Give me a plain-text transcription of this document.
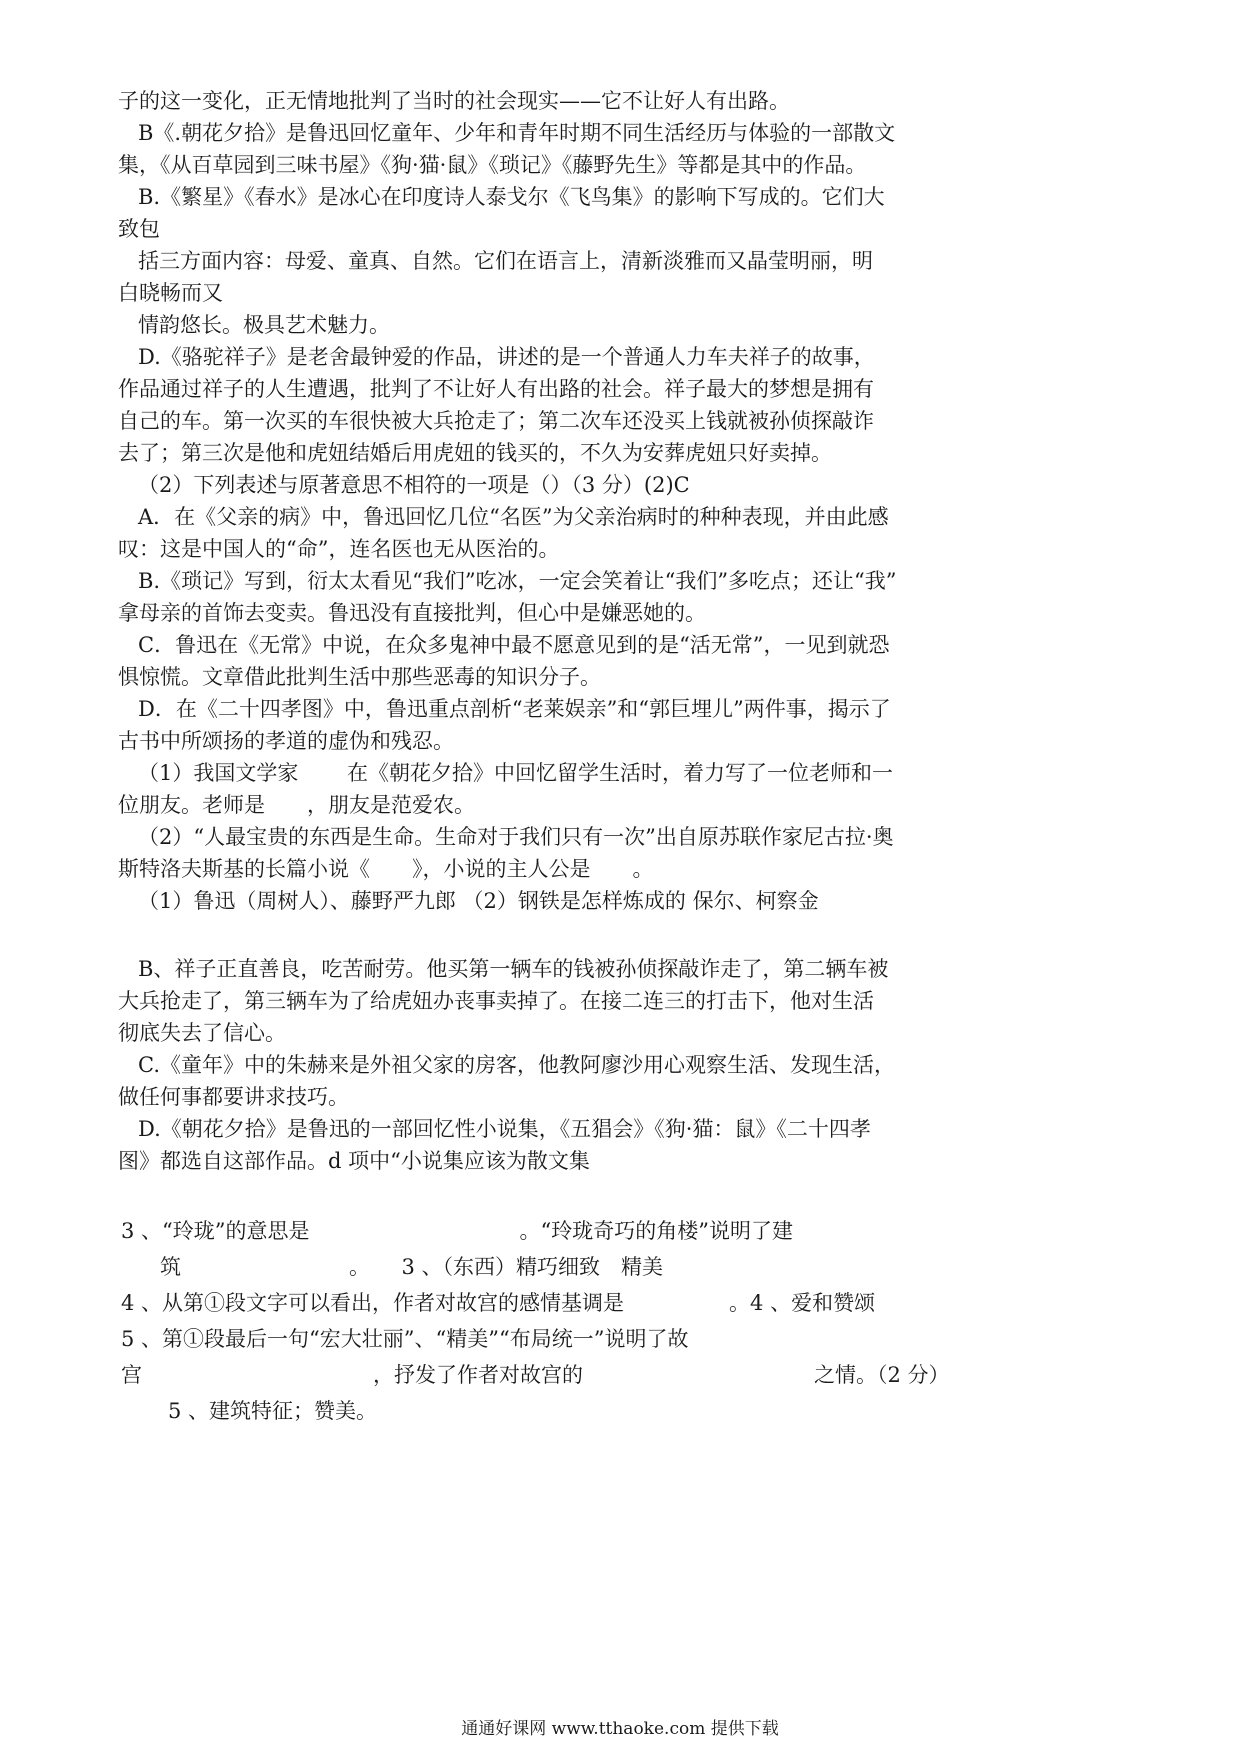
子的这一变化，正无情地批判了当时的社会现实——它不让好人有出路。
B《.朝花夕拾》是鲁迅回忆童年、少年和青年时期不同生活经历与体验的一部散文
集，《从百草园到三味书屋》《狗·猫·鼠》《琐记》《藤野先生》等都是其中的作品。
B.《繁星》《春水》是冰心在印度诗人泰戈尔《飞鸟集》的影响下写成的。它们大
致包
括三方面内容：母爱、童真、自然。它们在语言上，清新淡雅而又晶莹明丽，明
白晓畅而又
情韵悠长。极具艺术魅力。
D.《骆驼祥子》是老舍最钟爱的作品，讲述的是一个普通人力车夫祥子的故事，
作品通过祥子的人生遭遇，批判了不让好人有出路的社会。祥子最大的梦想是拥有
自己的车。第一次买的车很快被大兵抢走了；第二次车还没买上钱就被孙侦探敲诈
去了；第三次是他和虎妞结婚后用虎妞的钱买的，不久为安葬虎妞只好卖掉。
（2）下列表述与原著意思不相符的一项是（）（3 分）(2)C
A．在《父亲的病》中，鲁迅回忆几位“名医”为父亲治病时的种种表现，并由此感
叹：这是中国人的“命”，连名医也无从医治的。
B.《琐记》写到，衍太太看见“我们”吃冰，一定会笑着让“我们”多吃点；还让“我”
拿母亲的首饰去变卖。鲁迅没有直接批判，但心中是嫌恶她的。
C．鲁迅在《无常》中说，在众多鬼神中最不愿意见到的是“活无常”，一见到就恐
惧惊慌。文章借此批判生活中那些恶毒的知识分子。
D．在《二十四孝图》中，鲁迅重点剖析“老莱娱亲”和“郭巨埋儿”两件事，揭示了
古书中所颂扬的孝道的虚伪和残忍。
（1）我国文学家　　 在《朝花夕拾》中回忆留学生活时，着力写了一位老师和一
位朋友。老师是　　，朋友是范爱农。
（2）“人最宝贵的东西是生命。生命对于我们只有一次”出自原苏联作家尼古拉·奥
斯特洛夫斯基的长篇小说《　　》，小说的主人公是　　。
（1）鲁迅（周树人）、藤野严九郎 （2）钢铁是怎样炼成的 保尔、柯察金
B、祥子正直善良，吃苦耐劳。他买第一辆车的钱被孙侦探敲诈走了，第二辆车被
大兵抢走了，第三辆车为了给虎妞办丧事卖掉了。在接二连三的打击下，他对生活
彻底失去了信心。
C.《童年》中的朱赫来是外祖父家的房客，他教阿廖沙用心观察生活、发现生活，
做任何事都要讲求技巧。
D.《朝花夕拾》是鲁迅的一部回忆性小说集，《五猖会》《狗·猫：鼠》《二十四孝
图》都选自这部作品。d 项中“小说集应该为散文集
3 、“玲珑”的意思是　　　　　　　　　　。“玲珑奇巧的角楼”说明了建
筑　　　　　　　　。　　3 、（东西）精巧细致　精美
4 、从第①段文字可以看出，作者对故宫的感情基调是　　　　　。4 、爱和赞颂
5 、第①段最后一句“宏大壮丽”、“精美”“布局统一”说明了故
宫　　　　　　　　　　　，抒发了作者对故宫的　　　　　　　　　　　之情。（2 分）
5 、建筑特征；赞美。
通通好课网 www.tthaoke.com 提供下载
